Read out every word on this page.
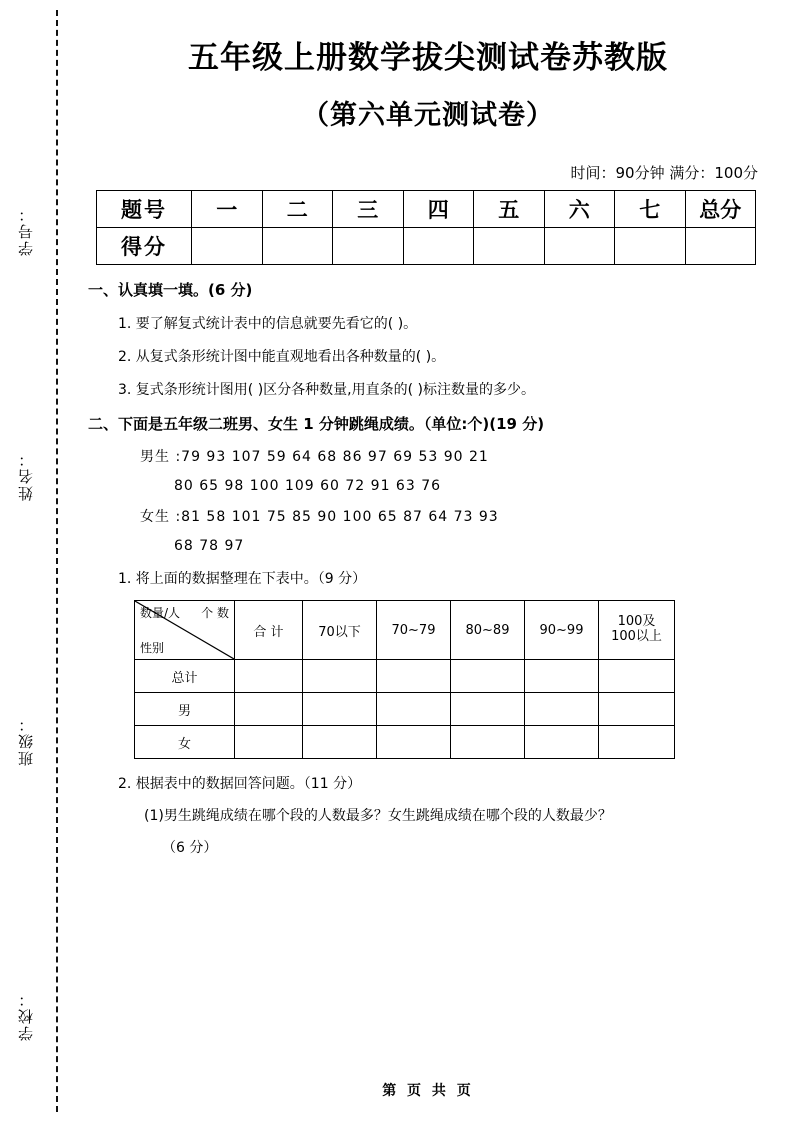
学号：
姓名：
班级：
学校：
五年级上册数学拔尖测试卷苏教版
（第六单元测试卷）
时间：90分钟 满分：100分
题号	一	二	三	四	五	六	七	总分
得分								
一、认真填一填。(6 分)
1. 要了解复式统计表中的信息就要先看它的( )。
2. 从复式条形统计图中能直观地看出各种数量的( )。
3. 复式条形统计图用( )区分各种数量,用直条的( )标注数量的多少。
二、下面是五年级二班男、女生 1 分钟跳绳成绩。（单位:个)(19 分)
男生 :79 93 107 59 64 68 86 97 69 53 90 21
80 65 98 100 109 60 72 91 63 76
女生 :81 58 101 75 85 90 100 65 87 64 73 93
68 78 97
1. 将上面的数据整理在下表中。（9 分）
个 数
性别
数量/人	合 计	70以下	70~79	80~89	90~99	100及
100以上
总计						
男						
女						
2. 根据表中的数据回答问题。（11 分）
(1)男生跳绳成绩在哪个段的人数最多？女生跳绳成绩在哪个段的人数最少？
（6 分）
第 页 共 页
